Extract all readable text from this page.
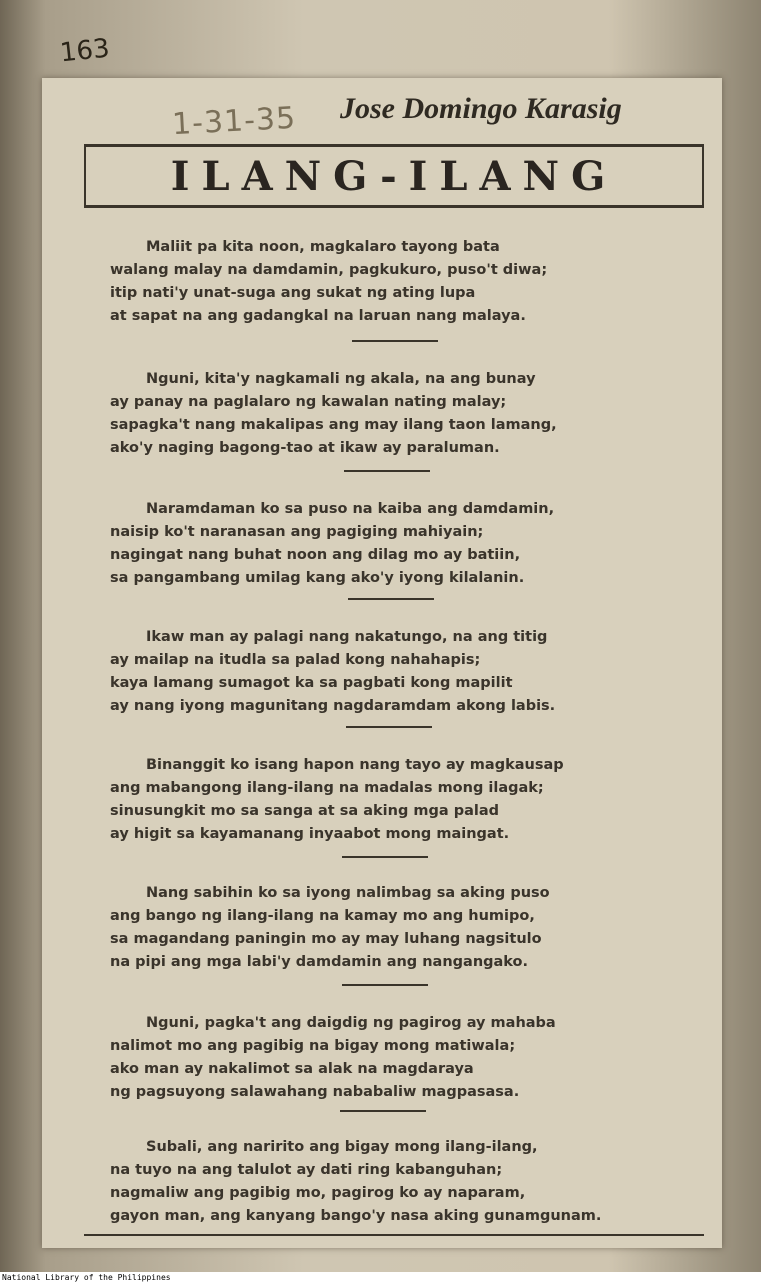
163
1-31-35 Jose Domingo Karasig
ILANG-ILANG
Maliit pa kita noon, magkalaro tayong bata
walang malay na damdamin, pagkukuro, puso't diwa;
itip nati'y unat-suga ang sukat ng ating lupa
at sapat na ang gadangkal na laruan nang malaya.
Nguni, kita'y nagkamali ng akala, na ang bunay
ay panay na paglalaro ng kawalan nating malay;
sapagka't nang makalipas ang may ilang taon lamang,
ako'y naging bagong-tao at ikaw ay paraluman.
Naramdaman ko sa puso na kaiba ang damdamin,
naisip ko't naranasan ang pagiging mahiyain;
nagingat nang buhat noon ang dilag mo ay batiin,
sa pangambang umilag kang ako'y iyong kilalanin.
Ikaw man ay palagi nang nakatungo, na ang titig
ay mailap na itudla sa palad kong nahahapis;
kaya lamang sumagot ka sa pagbati kong mapilit
ay nang iyong magunitang nagdaramdam akong labis.
Binanggit ko isang hapon nang tayo ay magkausap
ang mabangong ilang-ilang na madalas mong ilagak;
sinusungkit mo sa sanga at sa aking mga palad
ay higit sa kayamanang inyaabot mong maingat.
Nang sabihin ko sa iyong nalimbag sa aking puso
ang bango ng ilang-ilang na kamay mo ang humipo,
sa magandang paningin mo ay may luhang nagsitulo
na pipi ang mga labi'y damdamin ang nangangako.
Nguni, pagka't ang daigdig ng pagirog ay mahaba
nalimot mo ang pagibig na bigay mong matiwala;
ako man ay nakalimot sa alak na magdaraya
ng pagsuyong salawahang nababaliw magpasasa.
Subali, ang naririto ang bigay mong ilang-ilang,
na tuyo na ang talulot ay dati ring kabanguhan;
nagmaliw ang pagibig mo, pagirog ko ay naparam,
gayon man, ang kanyang bango'y nasa aking gunamgunam.
National Library of the Philippines
